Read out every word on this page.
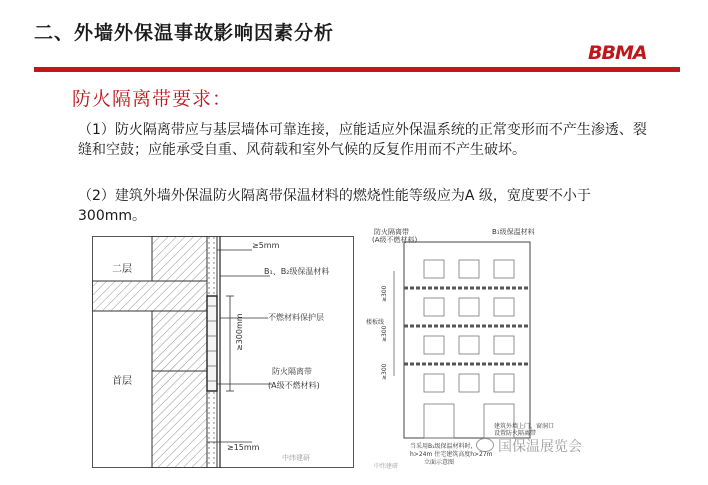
二、外墙外保温事故影响因素分析
BBMA
防火隔离带要求：
（1）防火隔离带应与基层墙体可靠连接，应能适应外保温系统的正常变形而不产生渗透、裂缝和空鼓；应能承受自重、风荷载和室外气候的反复作用而不产生破坏。
（2）建筑外墙外保温防火隔离带保温材料的燃烧性能等级应为A 级，宽度要不小于300mm。
≥300mm
≥5mm
B₁、B₂级保温材料
不燃材料保护层
防火隔离带
(A级不燃材料)
≥15mm
二层
首层
中纬建研
防火隔离带
(A级不燃材料)
B₁级保温材料
≥300
≥300
≥300
楼板线
建筑外墙上门、窗洞口
设置防火隔离带
当采用B₁级保温材料时，
h>24m 住宅建筑高度h>27m
立面示意图
中纬建研
国保温展览会
